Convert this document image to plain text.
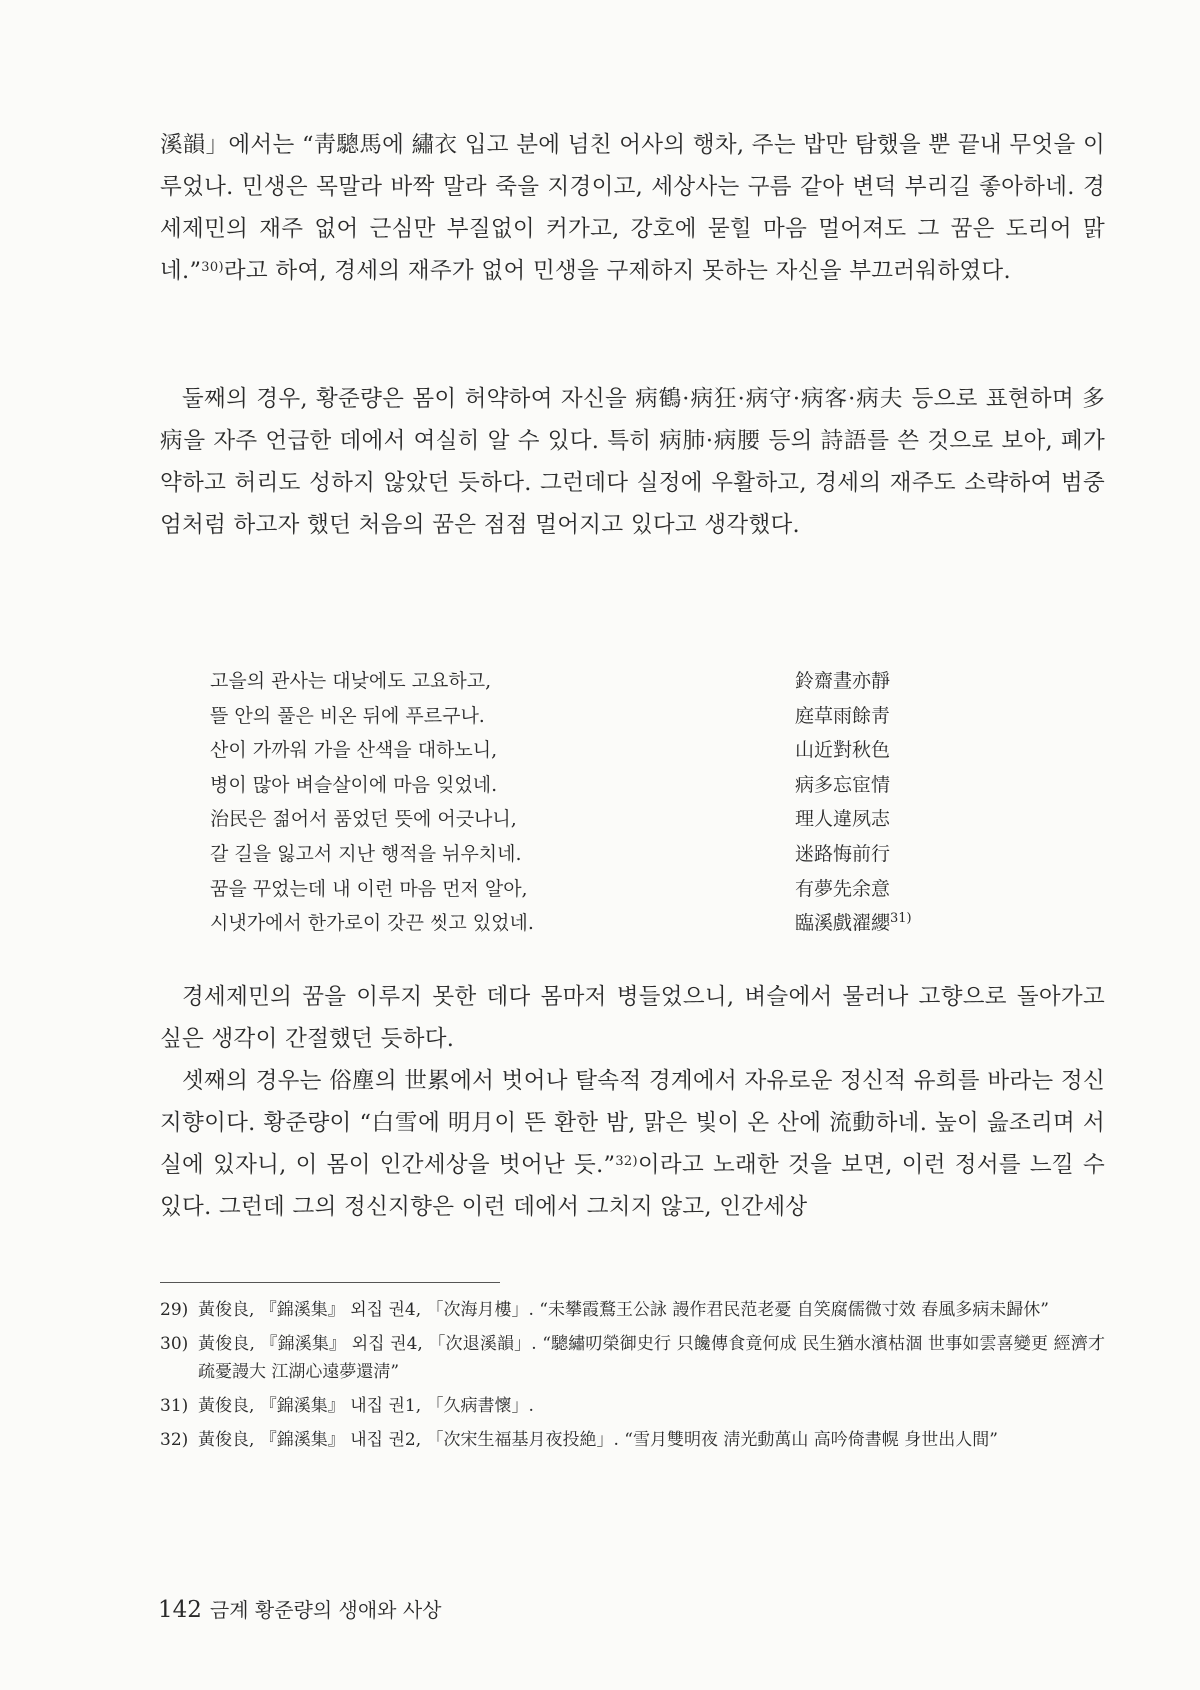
溪韻」에서는 “靑驄馬에 繡衣 입고 분에 넘친 어사의 행차, 주는 밥만 탐했을 뿐 끝내 무엇을 이루었나. 민생은 목말라 바짝 말라 죽을 지경이고, 세상사는 구름 같아 변덕 부리길 좋아하네. 경세제민의 재주 없어 근심만 부질없이 커가고, 강호에 묻힐 마음 멀어져도 그 꿈은 도리어 맑네.”$^{30)}$라고 하여, 경세의 재주가 없어 민생을 구제하지 못하는 자신을 부끄러워하였다.

둘째의 경우, 황준량은 몸이 허약하여 자신을 病鶴·病狂·病守·病客·病夫 등으로 표현하며 多病을 자주 언급한 데에서 여실히 알 수 있다. 특히 病肺·病腰 등의 詩語를 쓴 것으로 보아, 폐가 약하고 허리도 성하지 않았던 듯하다. 그런데다 실정에 우활하고, 경세의 재주도 소략하여 범중엄처럼 하고자 했던 처음의 꿈은 점점 멀어지고 있다고 생각했다.

고을의 관사는 대낮에도 고요하고,	鈴齋晝亦靜
뜰 안의 풀은 비온 뒤에 푸르구나.	庭草雨餘靑
산이 가까워 가을 산색을 대하노니,	山近對秋色
병이 많아 벼슬살이에 마음 잊었네.	病多忘宦情
治民은 젊어서 품었던 뜻에 어긋나니,	理人違夙志
갈 길을 잃고서 지난 행적을 뉘우치네.	迷路悔前行
꿈을 꾸었는데 내 이런 마음 먼저 알아,	有夢先余意
시냇가에서 한가로이 갓끈 씻고 있었네.	臨溪戲濯纓$^{31)}$

경세제민의 꿈을 이루지 못한 데다 몸마저 병들었으니, 벼슬에서 물러나 고향으로 돌아가고 싶은 생각이 간절했던 듯하다.

셋째의 경우는 俗塵의 世累에서 벗어나 탈속적 경계에서 자유로운 정신적 유희를 바라는 정신지향이다. 황준량이 “白雪에 明月이 뜬 환한 밤, 맑은 빛이 온 산에 流動하네. 높이 읊조리며 서실에 있자니, 이 몸이 인간세상을 벗어난 듯.”$^{32)}$이라고 노래한 것을 보면, 이런 정서를 느낄 수 있다. 그런데 그의 정신지향은 이런 데에서 그치지 않고, 인간세상

29) 黃俊良, 『錦溪集』 외집 권4, 「次海月樓」. “未攀霞鶩王公詠 謾作君民范老憂 自笑腐儒微寸效 春風多病未歸休”
30) 黃俊良, 『錦溪集』 외집 권4, 「次退溪韻」. “驄繡叨榮御史行 只饞傳食竟何成 民生猶水濱枯涸 世事如雲喜變更 經濟才疏憂謾大 江湖心遠夢還淸”
31) 黃俊良, 『錦溪集』 내집 권1, 「久病書懷」.
32) 黃俊良, 『錦溪集』 내집 권2, 「次宋生福基月夜投絶」. “雪月雙明夜 淸光動萬山 高吟倚書幌 身世出人間”
142 금계 황준량의 생애와 사상
